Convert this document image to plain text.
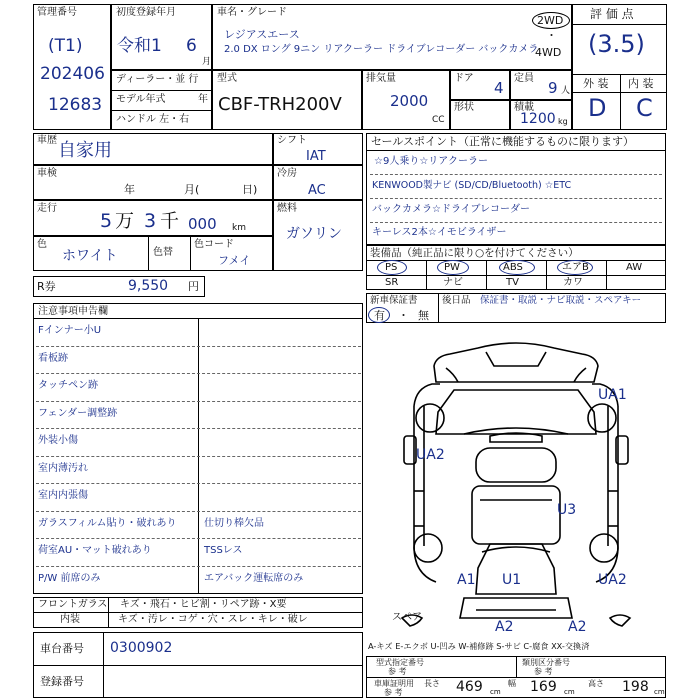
管理番号
(T1)
202406
12683
初度登録年月
令和1 6
月
車名・グレード
レジアスエース
2.0 DX ロング 9ニン リアクーラー ドライブレコーダー バックカメラ
2WD
・
4WD
評 価 点
(3.5)
外 装 内 装
D C
ディーラー・並 行
モデル年式	年
ハンドル 左・右
型式
CBF-TRH200V
排気量
2000
CC
ドア
4
定員
9 人
形状	積載
1200 kg
車歴 自家用
車検
年	月(	日)
走行
5 万 3 千 000 km
色
ホワイト	色替
色コード
フメイ
シフト
IAT
冷房
AC
燃料
ガソリン
R券	9,550 円
セールスポイント（正常に機能するものに限ります）
☆9人乗り☆リアクーラー
KENWOOD製ナビ (SD/CD/Bluetooth) ☆ETC
バックカメラ☆ドライブレコーダー
キーレス2本☆イモビライザー
装備品（純正品に限り○を付けてください）
PS	PW	ABS	エアB	AW
SR	ナビ	TV	カワ
新車保証書
有 ・ 無
後日品 保証書・取説・ナビ取説・スペアキー
注意事項申告欄
Fインナー小U
看板跡
タッチペン跡
フェンダー調整跡
外装小傷
室内薄汚れ
室内内張傷
ガラスフィルム貼り・破れあり	仕切り棒欠品
荷室AU・マット破れあり	TSSレス
P/W 前席のみ	エアバック運転席のみ
フロントガラス キズ・飛石・ヒビ割・リペア跡・X要
内装	キズ・汚レ・コゲ・穴・スレ・キレ・破レ
車台番号 0300902
登録番号
UA1
UA2
U3
A1 U1	UA2
A2	A2
スペア
A-キズ E-エクボ U-凹み W-補修跡 S-サビ C-腐食 XX-交換済
型式指定番号
参 考
類別区分番号
参 考
車庫証明用
参 考
長さ 469 cm
幅 169 cm
高さ 198 cm
